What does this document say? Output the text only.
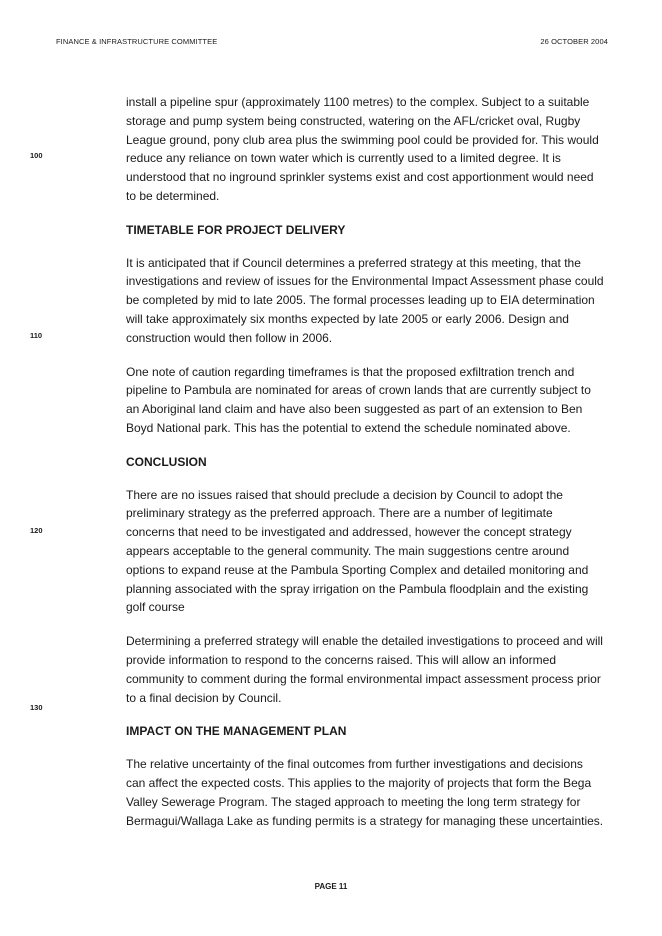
FINANCE & INFRASTRUCTURE COMMITTEE	26 OCTOBER 2004
100
110
120
130

install a pipeline spur (approximately 1100 metres) to the complex. Subject to a suitable storage and pump system being constructed, watering on the AFL/cricket oval, Rugby League ground, pony club area plus the swimming pool could be provided for. This would reduce any reliance on town water which is currently used to a limited degree. It is understood that no inground sprinkler systems exist and cost apportionment would need to be determined.

TIMETABLE FOR PROJECT DELIVERY

It is anticipated that if Council determines a preferred strategy at this meeting, that the investigations and review of issues for the Environmental Impact Assessment phase could be completed by mid to late 2005. The formal processes leading up to EIA determination will take approximately six months expected by late 2005 or early 2006. Design and construction would then follow in 2006.

One note of caution regarding timeframes is that the proposed exfiltration trench and pipeline to Pambula are nominated for areas of crown lands that are currently subject to an Aboriginal land claim and have also been suggested as part of an extension to Ben Boyd National park. This has the potential to extend the schedule nominated above.

CONCLUSION

There are no issues raised that should preclude a decision by Council to adopt the preliminary strategy as the preferred approach. There are a number of legitimate concerns that need to be investigated and addressed, however the concept strategy appears acceptable to the general community. The main suggestions centre around options to expand reuse at the Pambula Sporting Complex and detailed monitoring and planning associated with the spray irrigation on the Pambula floodplain and the existing golf course

Determining a preferred strategy will enable the detailed investigations to proceed and will provide information to respond to the concerns raised. This will allow an informed community to comment during the formal environmental impact assessment process prior to a final decision by Council.

IMPACT ON THE MANAGEMENT PLAN

The relative uncertainty of the final outcomes from further investigations and decisions can affect the expected costs. This applies to the majority of projects that form the Bega Valley Sewerage Program. The staged approach to meeting the long term strategy for Bermagui/Wallaga Lake as funding permits is a strategy for managing these uncertainties.

PAGE 11
